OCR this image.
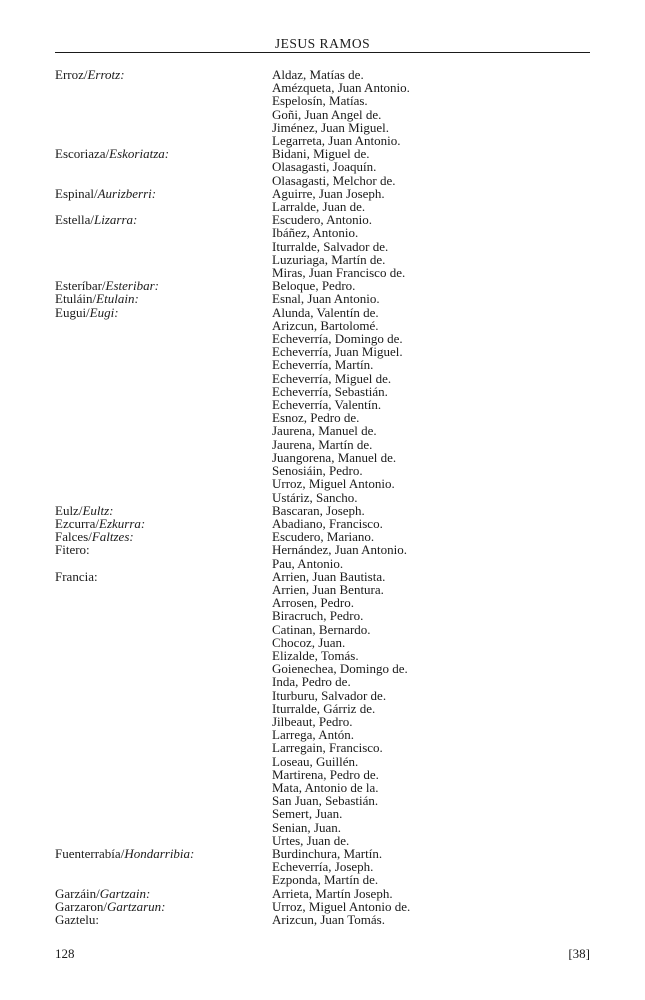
JESUS RAMOS
Erroz/Errotz:	Aldaz, Matías de.
Amézqueta, Juan Antonio.
Espelosín, Matías.
Goñi, Juan Angel de.
Jiménez, Juan Miguel.
Legarreta, Juan Antonio.
Escoriaza/Eskoriatza:	Bidani, Miguel de.
Olasagasti, Joaquín.
Olasagasti, Melchor de.
Espinal/Aurizberri:	Aguirre, Juan Joseph.
Larralde, Juan de.
Estella/Lizarra:	Escudero, Antonio.
Ibáñez, Antonio.
Iturralde, Salvador de.
Luzuriaga, Martín de.
Miras, Juan Francisco de.
Esteríbar/Esteribar:	Beloque, Pedro.
Etuláin/Etulain:	Esnal, Juan Antonio.
Eugui/Eugi:	Alunda, Valentín de.
Arizcun, Bartolomé.
Echeverría, Domingo de.
Echeverría, Juan Miguel.
Echeverría, Martín.
Echeverría, Miguel de.
Echeverría, Sebastián.
Echeverría, Valentín.
Esnoz, Pedro de.
Jaurena, Manuel de.
Jaurena, Martín de.
Juangorena, Manuel de.
Senosiáin, Pedro.
Urroz, Miguel Antonio.
Ustáriz, Sancho.
Eulz/Eultz:	Bascaran, Joseph.
Ezcurra/Ezkurra:	Abadiano, Francisco.
Falces/Faltzes:	Escudero, Mariano.
Fitero:	Hernández, Juan Antonio.
Pau, Antonio.
Francia:	Arrien, Juan Bautista.
Arrien, Juan Bentura.
Arrosen, Pedro.
Biracruch, Pedro.
Catinan, Bernardo.
Chocoz, Juan.
Elizalde, Tomás.
Goienechea, Domingo de.
Inda, Pedro de.
Iturburu, Salvador de.
Iturralde, Gárriz de.
Jilbeaut, Pedro.
Larrega, Antón.
Larregain, Francisco.
Loseau, Guillén.
Martirena, Pedro de.
Mata, Antonio de la.
San Juan, Sebastián.
Semert, Juan.
Senian, Juan.
Urtes, Juan de.
Fuenterrabía/Hondarribia:	Burdinchura, Martín.
Echeverría, Joseph.
Ezponda, Martín de.
Garzáin/Gartzain:	Arrieta, Martín Joseph.
Garzaron/Gartzarun:	Urroz, Miguel Antonio de.
Gaztelu:	Arizcun, Juan Tomás.
128	[38]
